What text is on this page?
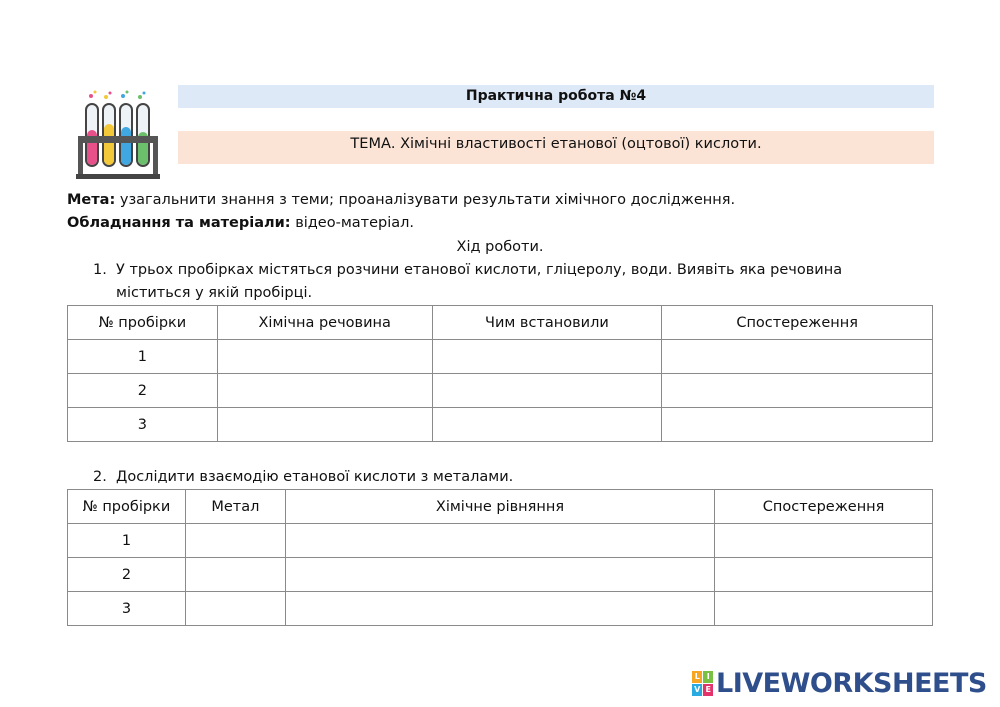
Практична робота №4
ТЕМА. Хімічні властивості етанової (оцтової) кислоти.
Мета: узагальнити знання з теми; проаналізувати результати хімічного дослідження.
Обладнання та матеріали: відео-матеріал.
Хід роботи.
1. У трьох пробірках містяться розчини етанової кислоти, гліцеролу, води. Виявіть яка речовина
міститься у якій пробірці.
№ пробірки	Хімічна речовина	Чим встановили	Спостереження
1			
2			
3			
2. Дослідити взаємодію етанової кислоти з металами.
№ пробірки	Метал	Хімічне рівняння	Спостереження
1			
2			
3			
L I
V E LIVEWORKSHEETS
